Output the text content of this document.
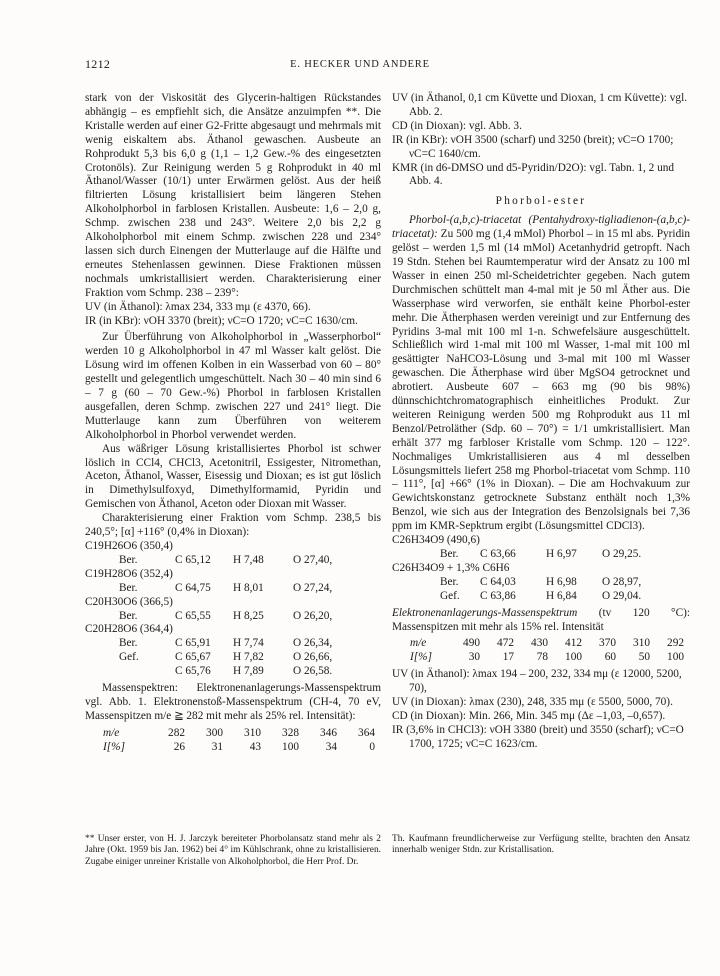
1212	E. HECKER UND ANDERE

stark von der Viskosität des Glycerin-haltigen Rückstandes abhängig – es empfiehlt sich, die Ansätze anzuimpfen **. Die Kristalle werden auf einer G2-Fritte abgesaugt und mehrmals mit wenig eiskaltem abs. Äthanol gewaschen. Ausbeute an Rohprodukt 5,3 bis 6,0 g (1,1 – 1,2 Gew.-% des eingesetzten Crotonöls). Zur Reinigung werden 5 g Rohprodukt in 40 ml Äthanol/Wasser (10/1) unter Erwärmen gelöst. Aus der heiß filtrierten Lösung kristallisiert beim längeren Stehen Alkoholphorbol in farblosen Kristallen. Ausbeute: 1,6 – 2,0 g, Schmp. zwischen 238 und 243°. Weitere 2,0 bis 2,2 g Alkoholphorbol mit einem Schmp. zwischen 228 und 234° lassen sich durch Einengen der Mutterlauge auf die Hälfte und erneutes Stehenlassen gewinnen. Diese Fraktionen müssen nochmals umkristallisiert werden. Charakterisierung einer Fraktion vom Schmp. 238 – 239°:

UV (in Äthanol): λmax 234, 333 mμ (ε 4370, 66).

IR (in KBr): νOH 3370 (breit); νC=O 1720; νC=C 1630/cm.

Zur Überführung von Alkoholphorbol in „Wasserphorbol“ werden 10 g Alkoholphorbol in 47 ml Wasser kalt gelöst. Die Lösung wird im offenen Kolben in ein Wasserbad von 60 – 80° gestellt und gelegentlich umgeschüttelt. Nach 30 – 40 min sind 6 – 7 g (60 – 70 Gew.-%) Phorbol in farblosen Kristallen ausgefallen, deren Schmp. zwischen 227 und 241° liegt. Die Mutterlauge kann zum Überführen von weiterem Alkoholphorbol in Phorbol verwendet werden.

Aus wäßriger Lösung kristallisiertes Phorbol ist schwer löslich in CCl4, CHCl3, Acetonitril, Essigester, Nitromethan, Aceton, Äthanol, Wasser, Eisessig und Dioxan; es ist gut löslich in Dimethylsulfoxyd, Dimethylformamid, Pyridin und Gemischen von Äthanol, Aceton oder Dioxan mit Wasser.

Charakterisierung einer Fraktion vom Schmp. 238,5 bis 240,5°; [α] +116° (0,4% in Dioxan):

C19H26O6 (350,4)
Ber.	C 65,12 H 7,48	O 27,40,
C19H28O6 (352,4)
Ber.	C 64,75 H 8,01	O 27,24,
C20H30O6 (366,5)
Ber.	C 65,55 H 8,25	O 26,20,
C20H28O6 (364,4)
Ber.	C 65,91 H 7,74	O 26,34,
Gef.	C 65,67 H 7,82	O 26,66,
C 65,76 H 7,89	O 26,58.

Massenspektren: Elektronenanlagerungs-Massenspektrum vgl. Abb. 1. Elektronenstoß-Massenspektrum (CH-4, 70 eV, Massenspitzen m/e ≧ 282 mit mehr als 25% rel. Intensität):

m/e	282	300	310	328	346	364
I[%]	26	31	43	100	34	0

UV (in Äthanol, 0,1 cm Küvette und Dioxan, 1 cm Küvette): vgl. Abb. 2.

CD (in Dioxan): vgl. Abb. 3.

IR (in KBr): νOH 3500 (scharf) und 3250 (breit); νC=O 1700; νC=C 1640/cm.

KMR (in d6-DMSO und d5-Pyridin/D2O): vgl. Tabn. 1, 2 und Abb. 4.

Phorbol-ester

Phorbol-(a,b,c)-triacetat (Pentahydroxy-tigliadienon-(a,b,c)-triacetat): Zu 500 mg (1,4 mMol) Phorbol – in 15 ml abs. Pyridin gelöst – werden 1,5 ml (14 mMol) Acetanhydrid getropft. Nach 19 Stdn. Stehen bei Raumtemperatur wird der Ansatz zu 100 ml Wasser in einen 250 ml-Scheidetrichter gegeben. Nach gutem Durchmischen schüttelt man 4-mal mit je 50 ml Äther aus. Die Wasserphase wird verworfen, sie enthält keine Phorbol-ester mehr. Die Ätherphasen werden vereinigt und zur Entfernung des Pyridins 3-mal mit 100 ml 1-n. Schwefelsäure ausgeschüttelt. Schließlich wird 1-mal mit 100 ml Wasser, 1-mal mit 100 ml gesättigter NaHCO3-Lösung und 3-mal mit 100 ml Wasser gewaschen. Die Ätherphase wird über MgSO4 getrocknet und abrotiert. Ausbeute 607 – 663 mg (90 bis 98%) dünnschichtchromatographisch einheitliches Produkt. Zur weiteren Reinigung werden 500 mg Rohprodukt aus 11 ml Benzol/Petroläther (Sdp. 60 – 70°) = 1/1 umkristallisiert. Man erhält 377 mg farbloser Kristalle vom Schmp. 120 – 122°. Nochmaliges Umkristallisieren aus 4 ml desselben Lösungsmittels liefert 258 mg Phorbol-triacetat vom Schmp. 110 – 111°, [α] +66° (1% in Dioxan). – Die am Hochvakuum zur Gewichtskonstanz getrocknete Substanz enthält noch 1,3% Benzol, wie sich aus der Integration des Benzolsignals bei 7,36 ppm im KMR-Sepktrum ergibt (Lösungsmittel CDCl3).

C26H34O9 (490,6)
Ber. C 63,66	H 6,97 O 29,25.
C26H34O9 + 1,3% C6H6
Ber. C 64,03	H 6,98 O 28,97,
Gef. C 63,86	H 6,84 O 29,04.

Elektronenanlagerungs-Massenspektrum (tv 120 °C): Massenspitzen mit mehr als 15% rel. Intensität

m/e	490	472	430	412	370	310	292
I[%]	30	17	78	100	60	50	100

UV (in Äthanol): λmax 194 – 200, 232, 334 mμ (ε 12000, 5200, 70),

UV (in Dioxan): λmax (230), 248, 335 mμ (ε 5500, 5000, 70).

CD (in Dioxan): Min. 266, Min. 345 mμ (Δε –1,03, –0,657).

IR (3,6% in CHCl3): νOH 3380 (breit) und 3550 (scharf); νC=O 1700, 1725; νC=C 1623/cm.

** Unser erster, von H. J. Jarczyk bereiteter Phorbolansatz stand mehr als 2 Jahre (Okt. 1959 bis Jan. 1962) bei 4° im Kühlschrank, ohne zu kristallisieren. Zugabe einiger unreiner Kristalle von Alkoholphorbol, die Herr Prof. Dr.
Th. Kaufmann freundlicherweise zur Verfügung stellte, brachten den Ansatz innerhalb weniger Stdn. zur Kristallisation.
